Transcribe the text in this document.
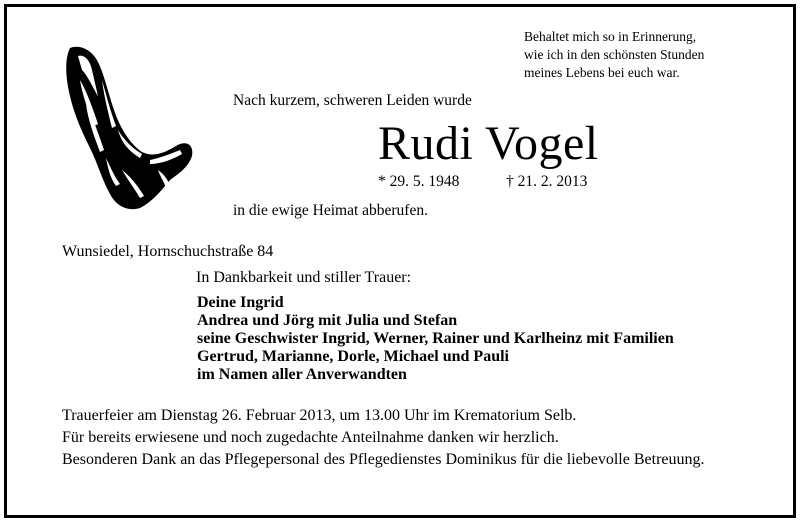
Behaltet mich so in Erinnerung,
wie ich in den schönsten Stunden
meines Lebens bei euch war.
Nach kurzem, schweren Leiden wurde
Rudi Vogel
* 29. 5. 1948	† 21. 2. 2013
in die ewige Heimat abberufen.
Wunsiedel, Hornschuchstraße 84
In Dankbarkeit und stiller Trauer:
Deine Ingrid
Andrea und Jörg mit Julia und Stefan
seine Geschwister Ingrid, Werner, Rainer und Karlheinz mit Familien
Gertrud, Marianne, Dorle, Michael und Pauli
im Namen aller Anverwandten
Trauerfeier am Dienstag 26. Februar 2013, um 13.00 Uhr im Krematorium Selb.
Für bereits erwiesene und noch zugedachte Anteilnahme danken wir herzlich.
Besonderen Dank an das Pflegepersonal des Pflegedienstes Dominikus für die liebevolle Betreuung.
